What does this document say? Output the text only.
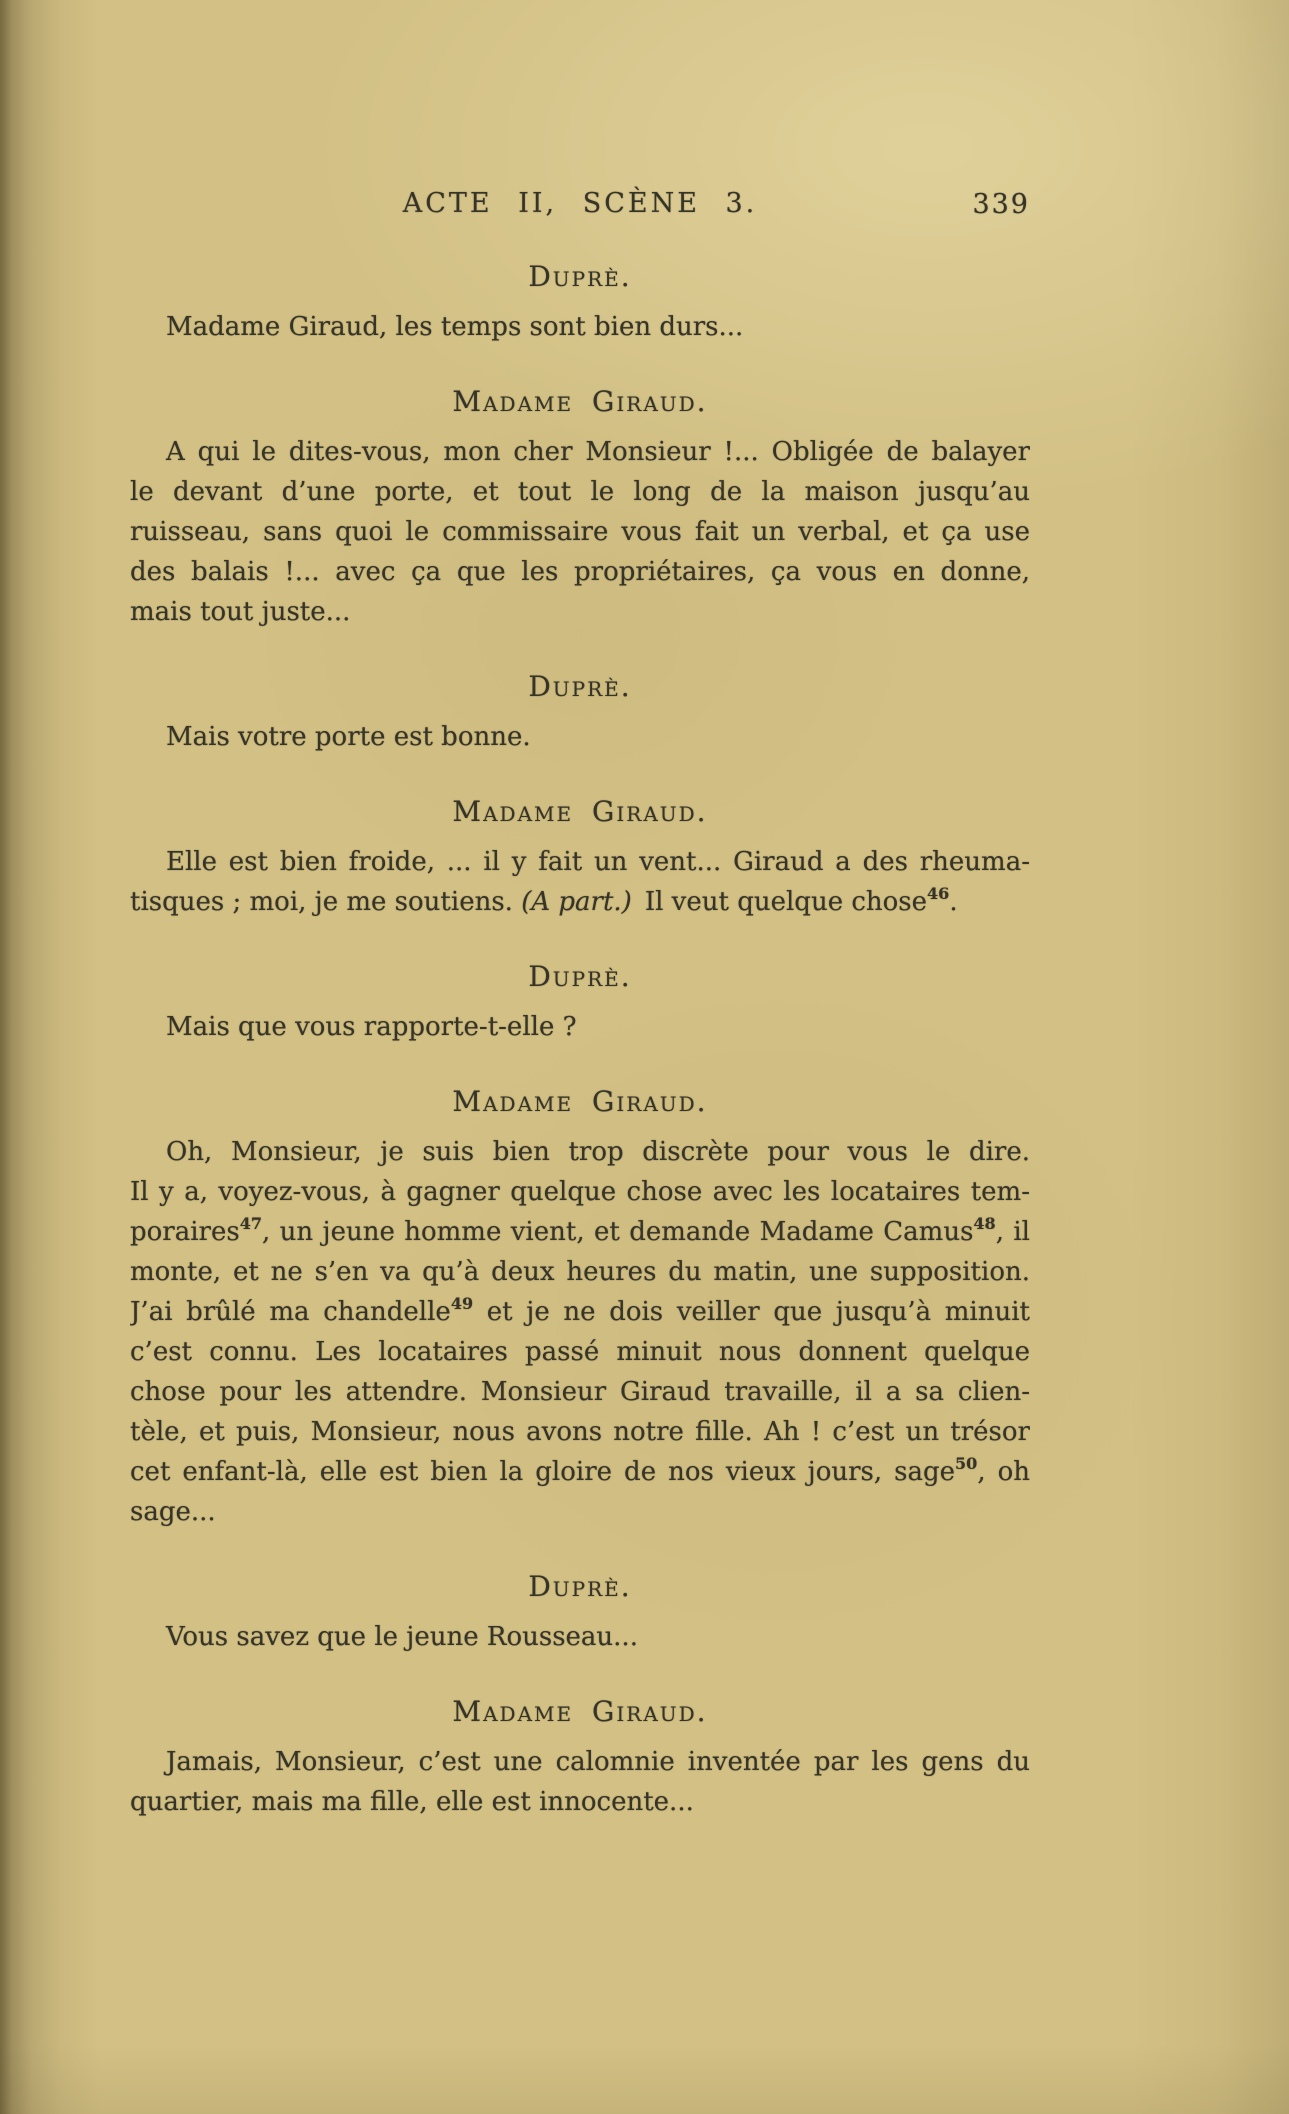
ACTE II, SCÈNE 3.	339
Duprè.

Madame Giraud, les temps sont bien durs...

Madame Giraud.

A qui le dites-vous, mon cher Monsieur !... Obligée de balayer
le devant d’une porte, et tout le long de la maison jusqu’au
ruisseau, sans quoi le commissaire vous fait un verbal, et ça use
des balais !... avec ça que les propriétaires, ça vous en donne,
mais tout juste...

Duprè.

Mais votre porte est bonne.

Madame Giraud.

Elle est bien froide, ... il y fait un vent... Giraud a des rheuma-
tisques ; moi, je me soutiens. (A part.) Il veut quelque chose$^{46}$.

Duprè.

Mais que vous rapporte-t-elle ?

Madame Giraud.

Oh, Monsieur, je suis bien trop discrète pour vous le dire.
Il y a, voyez-vous, à gagner quelque chose avec les locataires tem-
poraires$^{47}$, un jeune homme vient, et demande Madame Camus$^{48}$, il
monte, et ne s’en va qu’à deux heures du matin, une supposition.
J’ai brûlé ma chandelle$^{49}$ et je ne dois veiller que jusqu’à minuit
c’est connu. Les locataires passé minuit nous donnent quelque
chose pour les attendre. Monsieur Giraud travaille, il a sa clien-
tèle, et puis, Monsieur, nous avons notre fille. Ah ! c’est un trésor
cet enfant-là, elle est bien la gloire de nos vieux jours, sage$^{50}$, oh
sage...

Duprè.

Vous savez que le jeune Rousseau...

Madame Giraud.

Jamais, Monsieur, c’est une calomnie inventée par les gens du
quartier, mais ma fille, elle est innocente...
